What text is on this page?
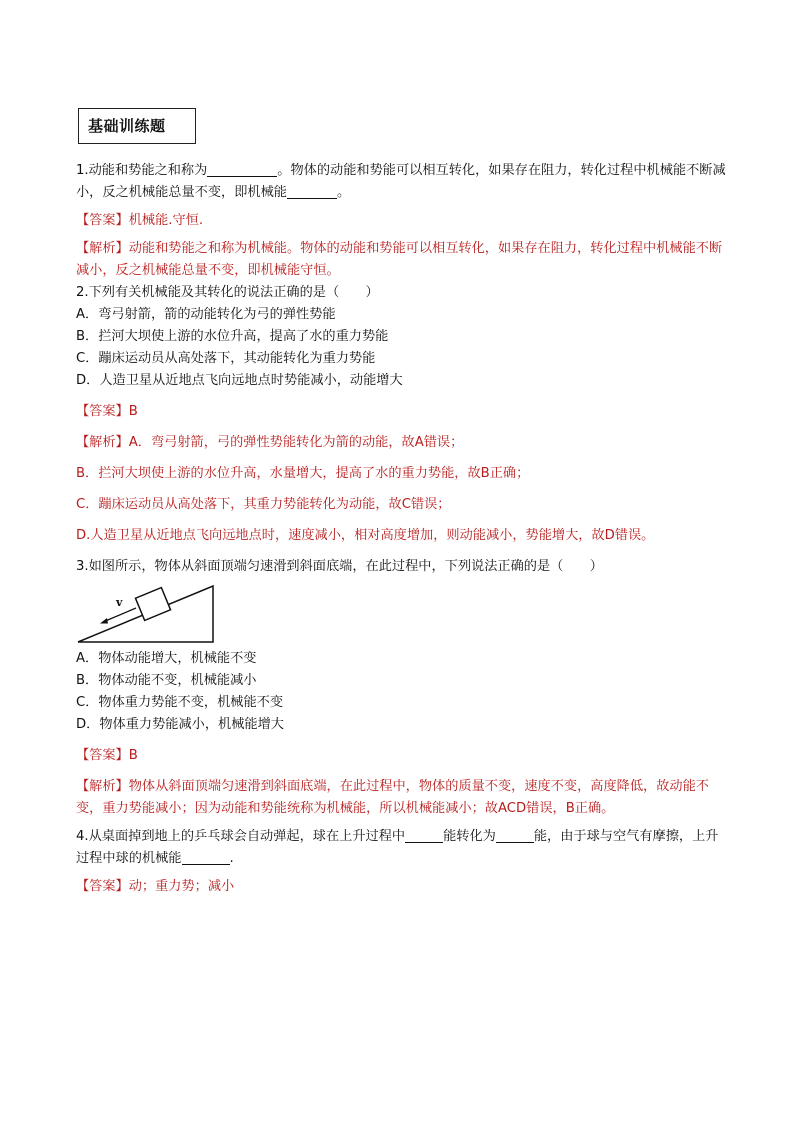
基础训练题

1.动能和势能之和称为	。物体的动能和势能可以相互转化，如果存在阻力，转化过程中机械能不断减小，反之机械能总量不变，即机械能	。

【答案】机械能.守恒.

【解析】动能和势能之和称为机械能。物体的动能和势能可以相互转化，如果存在阻力，转化过程中机械能不断减小，反之机械能总量不变，即机械能守恒。

2.下列有关机械能及其转化的说法正确的是（　　）

A．弯弓射箭，箭的动能转化为弓的弹性势能

B．拦河大坝使上游的水位升高，提高了水的重力势能

C．蹦床运动员从高处落下，其动能转化为重力势能

D．人造卫星从近地点飞向远地点时势能减小，动能增大

【答案】B

【解析】A．弯弓射箭，弓的弹性势能转化为箭的动能，故A错误；

B．拦河大坝使上游的水位升高，水量增大，提高了水的重力势能，故B正确；

C．蹦床运动员从高处落下，其重力势能转化为动能，故C错误；

D.人造卫星从近地点飞向远地点时，速度减小，相对高度增加，则动能减小，势能增大，故D错误。

3.如图所示，物体从斜面顶端匀速滑到斜面底端，在此过程中，下列说法正确的是（　　）

v

A．物体动能增大，机械能不变

B．物体动能不变，机械能减小

C．物体重力势能不变，机械能不变

D．物体重力势能减小，机械能增大

【答案】B

【解析】物体从斜面顶端匀速滑到斜面底端，在此过程中，物体的质量不变，速度不变，高度降低，故动能不变，重力势能减小；因为动能和势能统称为机械能，所以机械能减小；故ACD错误，B正确。

4.从桌面掉到地上的乒乓球会自动弹起，球在上升过程中	能转化为	能，由于球与空气有摩擦，上升过程中球的机械能	.

【答案】动；重力势；减小
